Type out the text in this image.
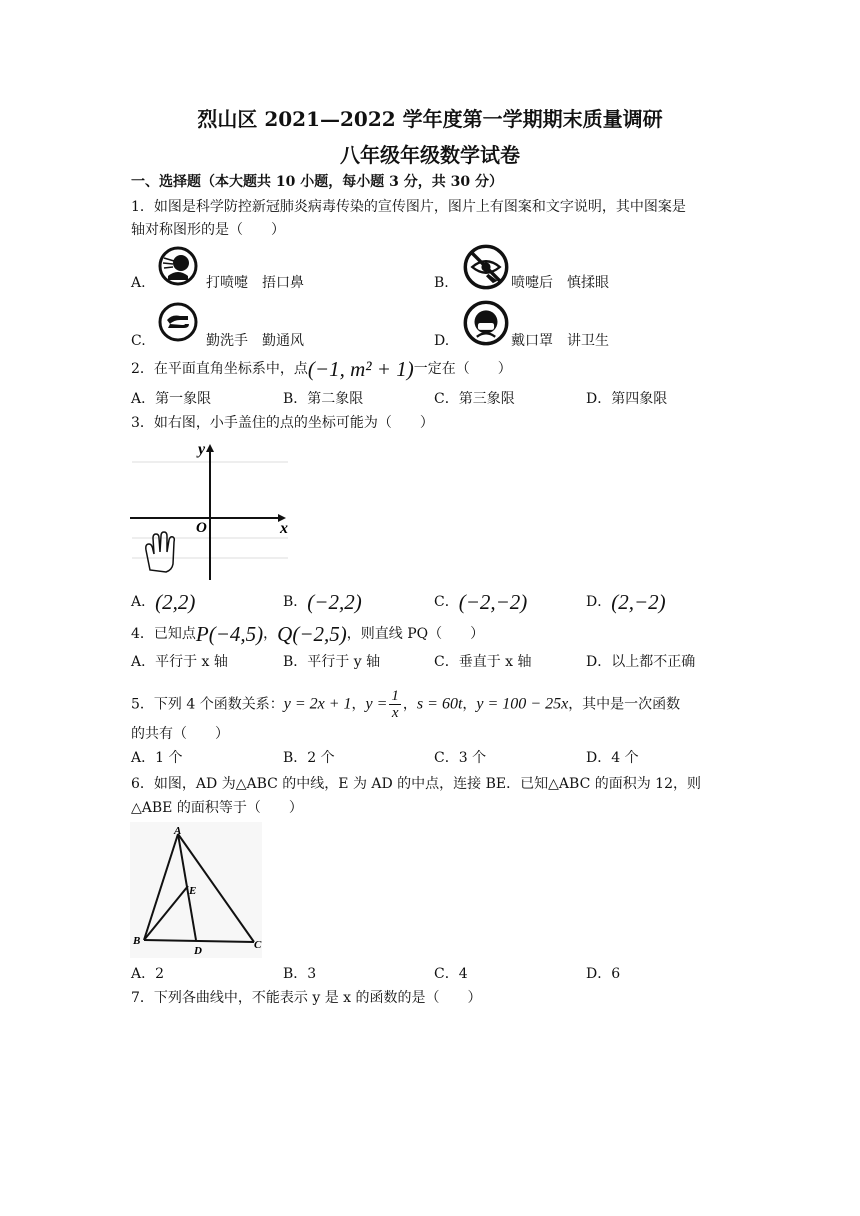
烈山区 2021—2022 学年度第一学期期末质量调研
八年级年级数学试卷
一、选择题（本大题共 10 小题，每小题 3 分，共 30 分）
1．如图是科学防控新冠肺炎病毒传染的宣传图片，图片上有图案和文字说明，其中图案是
轴对称图形的是（　　）
A.	打喷嚏　捂口鼻	B.	喷嚏后　慎揉眼
C.	勤洗手　勤通风	D.	戴口罩　讲卫生
2．在平面直角坐标系中，点(−1, m² + 1)一定在（　　）
A．第一象限	B．第二象限	C．第三象限	D．第四象限
3．如右图，小手盖住的点的坐标可能为（　　）
y
x
O
A．(2,2)	B．(−2,2)	C．(−2,−2)	D．(2,−2)
4．已知点P(−4,5)，Q(−2,5)，则直线 PQ（　　）
A．平行于 x 轴	B．平行于 y 轴	C．垂直于 x 轴	D．以上都不正确
5．下列 4 个函数关系：y = 2x + 1，$y = \frac{1}{x}$ ，s = 60t，y = 100 − 25x，其中是一次函数
的共有（　　）
A．1 个	B．2 个	C．3 个	D．4 个
6．如图，AD 为△ABC 的中线，E 为 AD 的中点，连接 BE．已知△ABC 的面积为 12，则
△ABE 的面积等于（　　）
A
E
B
D	C
A．2	B．3	C．4	D．6
7．下列各曲线中，不能表示 y 是 x 的函数的是（　　）
